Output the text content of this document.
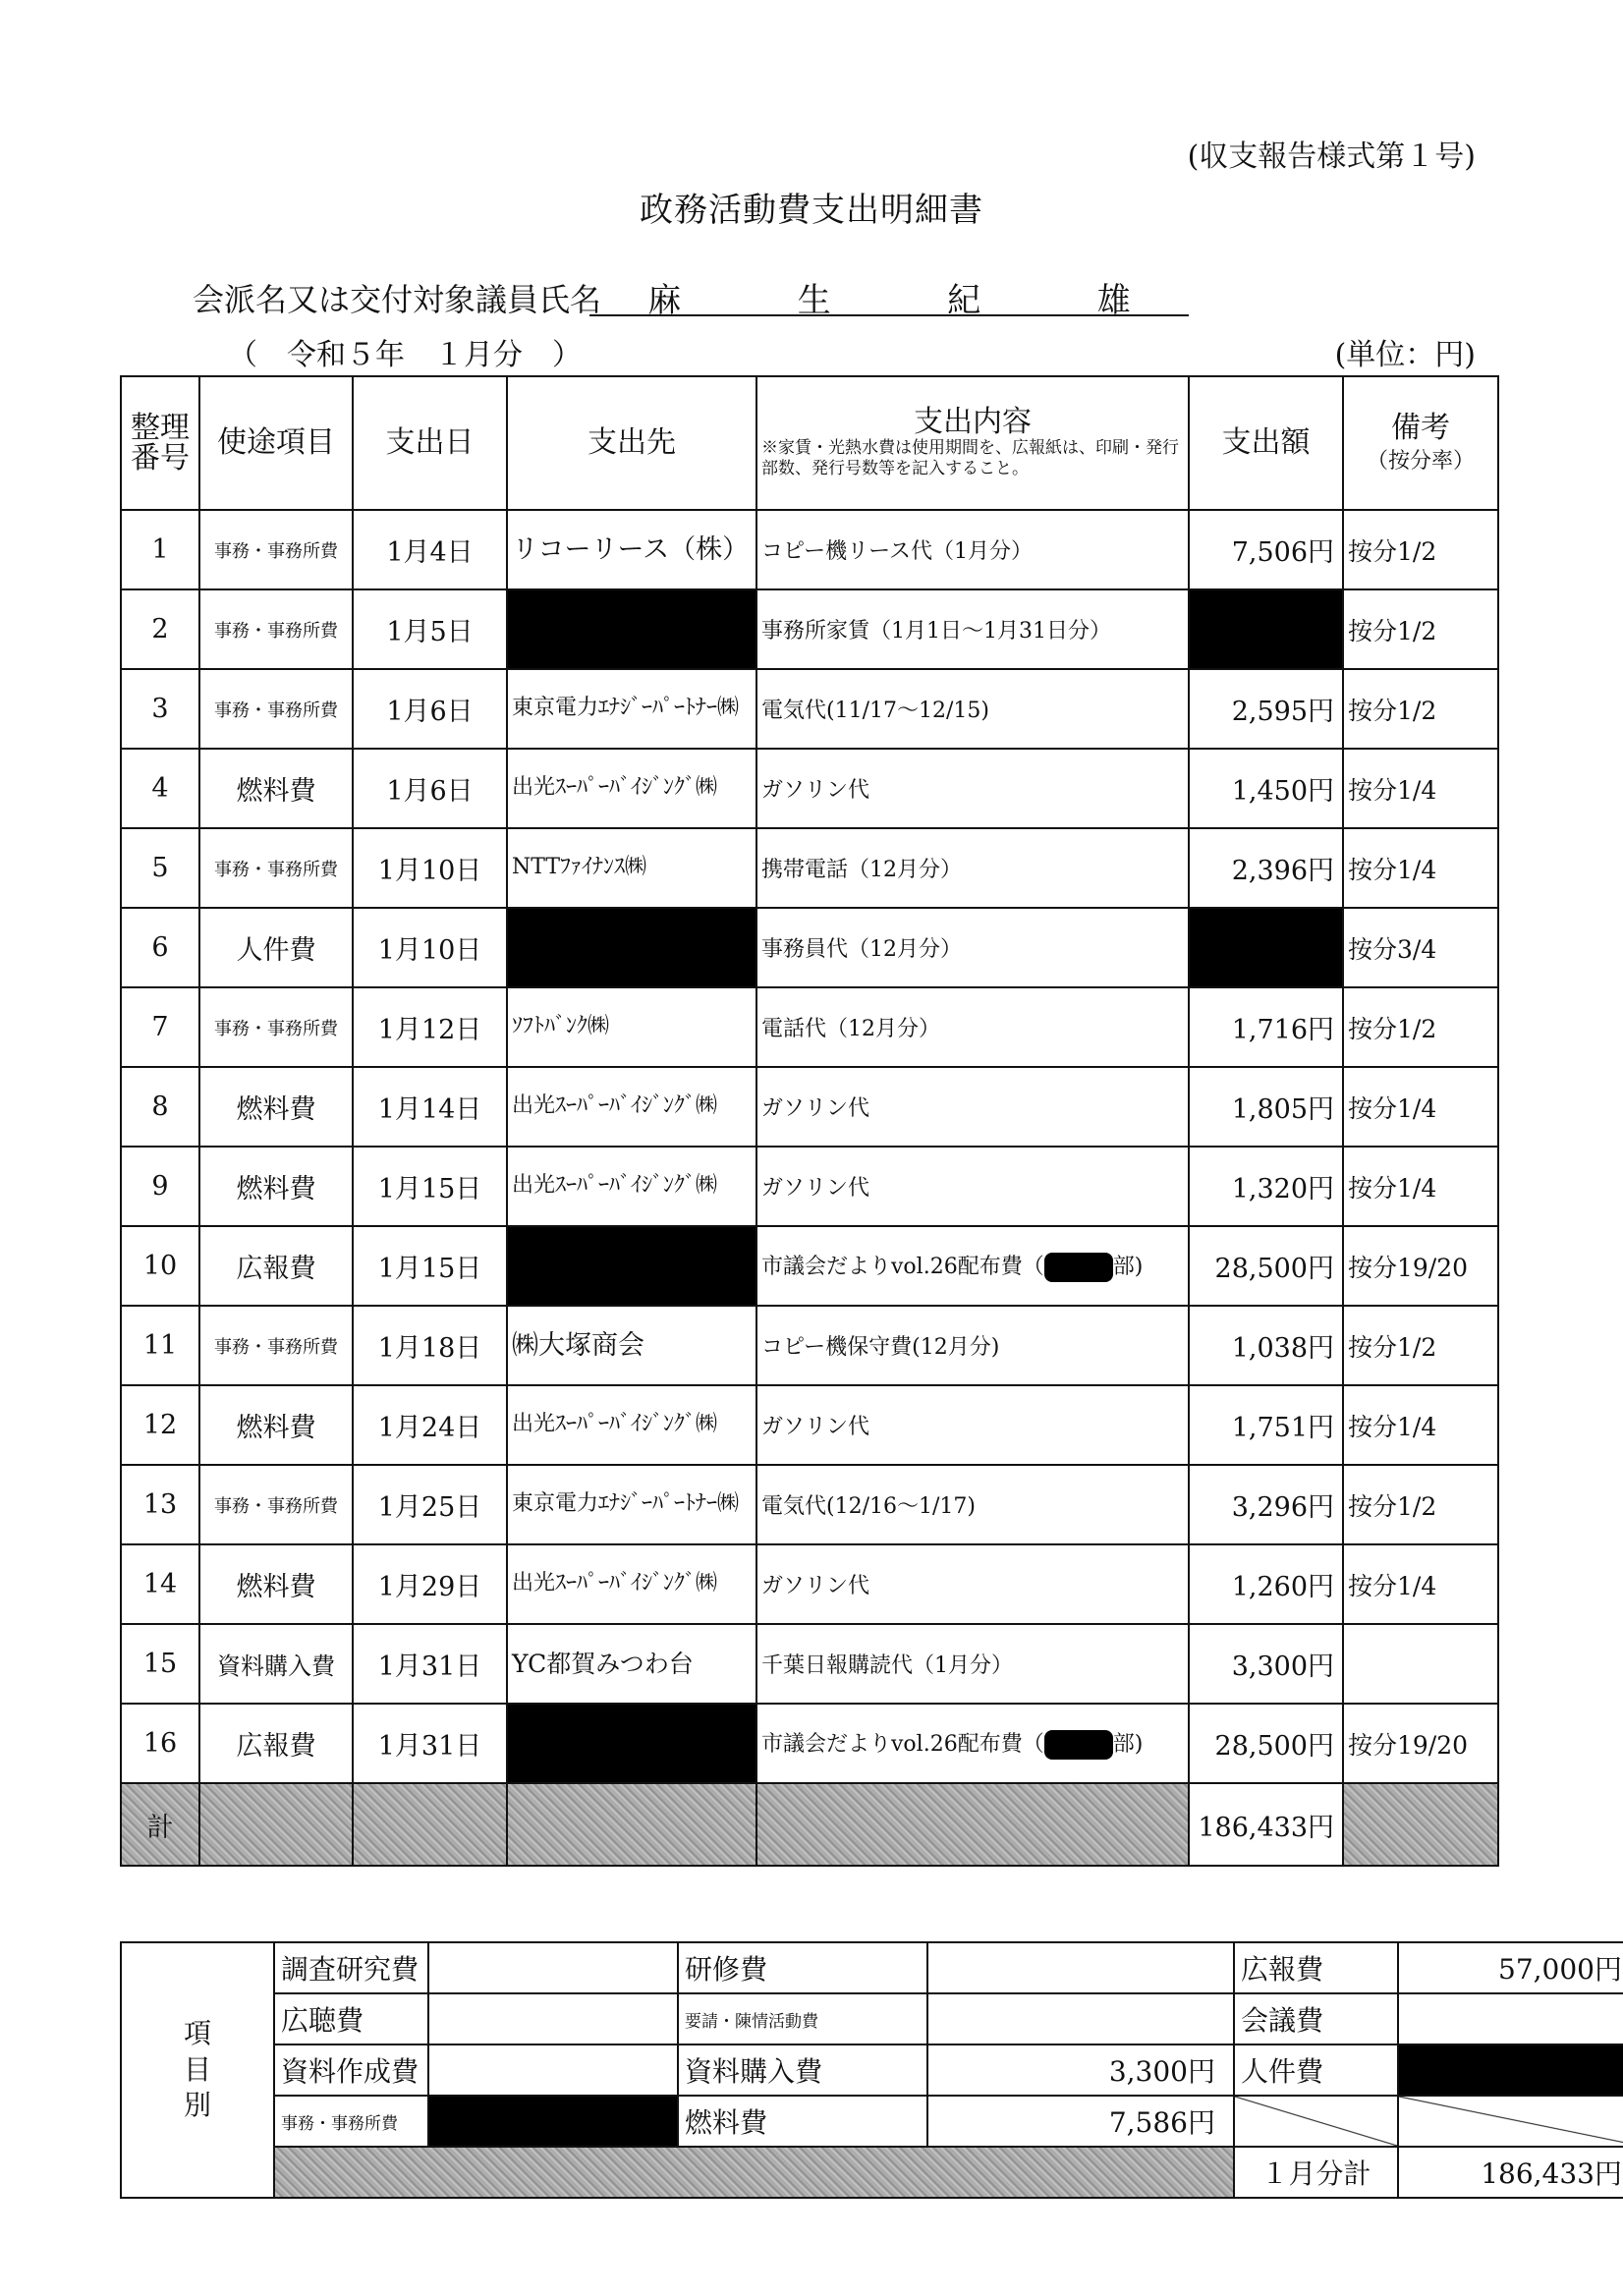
(収支報告様式第１号)
政務活動費支出明細書
会派名又は交付対象議員氏名 麻	生	紀	雄
（　令和５年　１月分　）	(単位：円)
整理番号	使途項目	支出日	支出先	支出内容
※家賃・光熱水費は使用期間を、広報紙は、印刷・発行部数、発行号数等を記入すること。	支出額	備考
（按分率）
1	事務・事務所費	1月4日	リコーリース（株）	コピー機リース代（1月分）	7,506円	按分1/2
2	事務・事務所費	1月5日		事務所家賃（1月1日～1月31日分）		按分1/2
3	事務・事務所費	1月6日	東京電力ｴﾅｼﾞｰﾊﾟｰﾄﾅｰ㈱	電気代(11/17～12/15)	2,595円	按分1/2
4	燃料費	1月6日	出光ｽｰﾊﾟｰﾊﾞｲｼﾞﾝｸﾞ㈱	ガソリン代	1,450円	按分1/4
5	事務・事務所費	1月10日	NTTﾌｧｲﾅﾝｽ㈱	携帯電話（12月分）	2,396円	按分1/4
6	人件費	1月10日		事務員代（12月分）		按分3/4
7	事務・事務所費	1月12日	ｿﾌﾄﾊﾞﾝｸ㈱	電話代（12月分）	1,716円	按分1/2
8	燃料費	1月14日	出光ｽｰﾊﾟｰﾊﾞｲｼﾞﾝｸﾞ㈱	ガソリン代	1,805円	按分1/4
9	燃料費	1月15日	出光ｽｰﾊﾟｰﾊﾞｲｼﾞﾝｸﾞ㈱	ガソリン代	1,320円	按分1/4
10	広報費	1月15日		市議会だよりvol.26配布費（ 部)	28,500円	按分19/20
11	事務・事務所費	1月18日	㈱大塚商会	コピー機保守費(12月分)	1,038円	按分1/2
12	燃料費	1月24日	出光ｽｰﾊﾟｰﾊﾞｲｼﾞﾝｸﾞ㈱	ガソリン代	1,751円	按分1/4
13	事務・事務所費	1月25日	東京電力ｴﾅｼﾞｰﾊﾟｰﾄﾅｰ㈱	電気代(12/16～1/17)	3,296円	按分1/2
14	燃料費	1月29日	出光ｽｰﾊﾟｰﾊﾞｲｼﾞﾝｸﾞ㈱	ガソリン代	1,260円	按分1/4
15	資料購入費	1月31日	YC都賀みつわ台	千葉日報購読代（1月分）	3,300円	
16	広報費	1月31日		市議会だよりvol.26配布費（ 部)	28,500円	按分19/20
計					186,433円	
項目別	調査研究費		研修費		広報費	57,000円
	広聴費		要請・陳情活動費		会議費	
	資料作成費		資料購入費	3,300円	人件費	
	事務・事務所費		燃料費	7,586円		
					１月分計	186,433円
